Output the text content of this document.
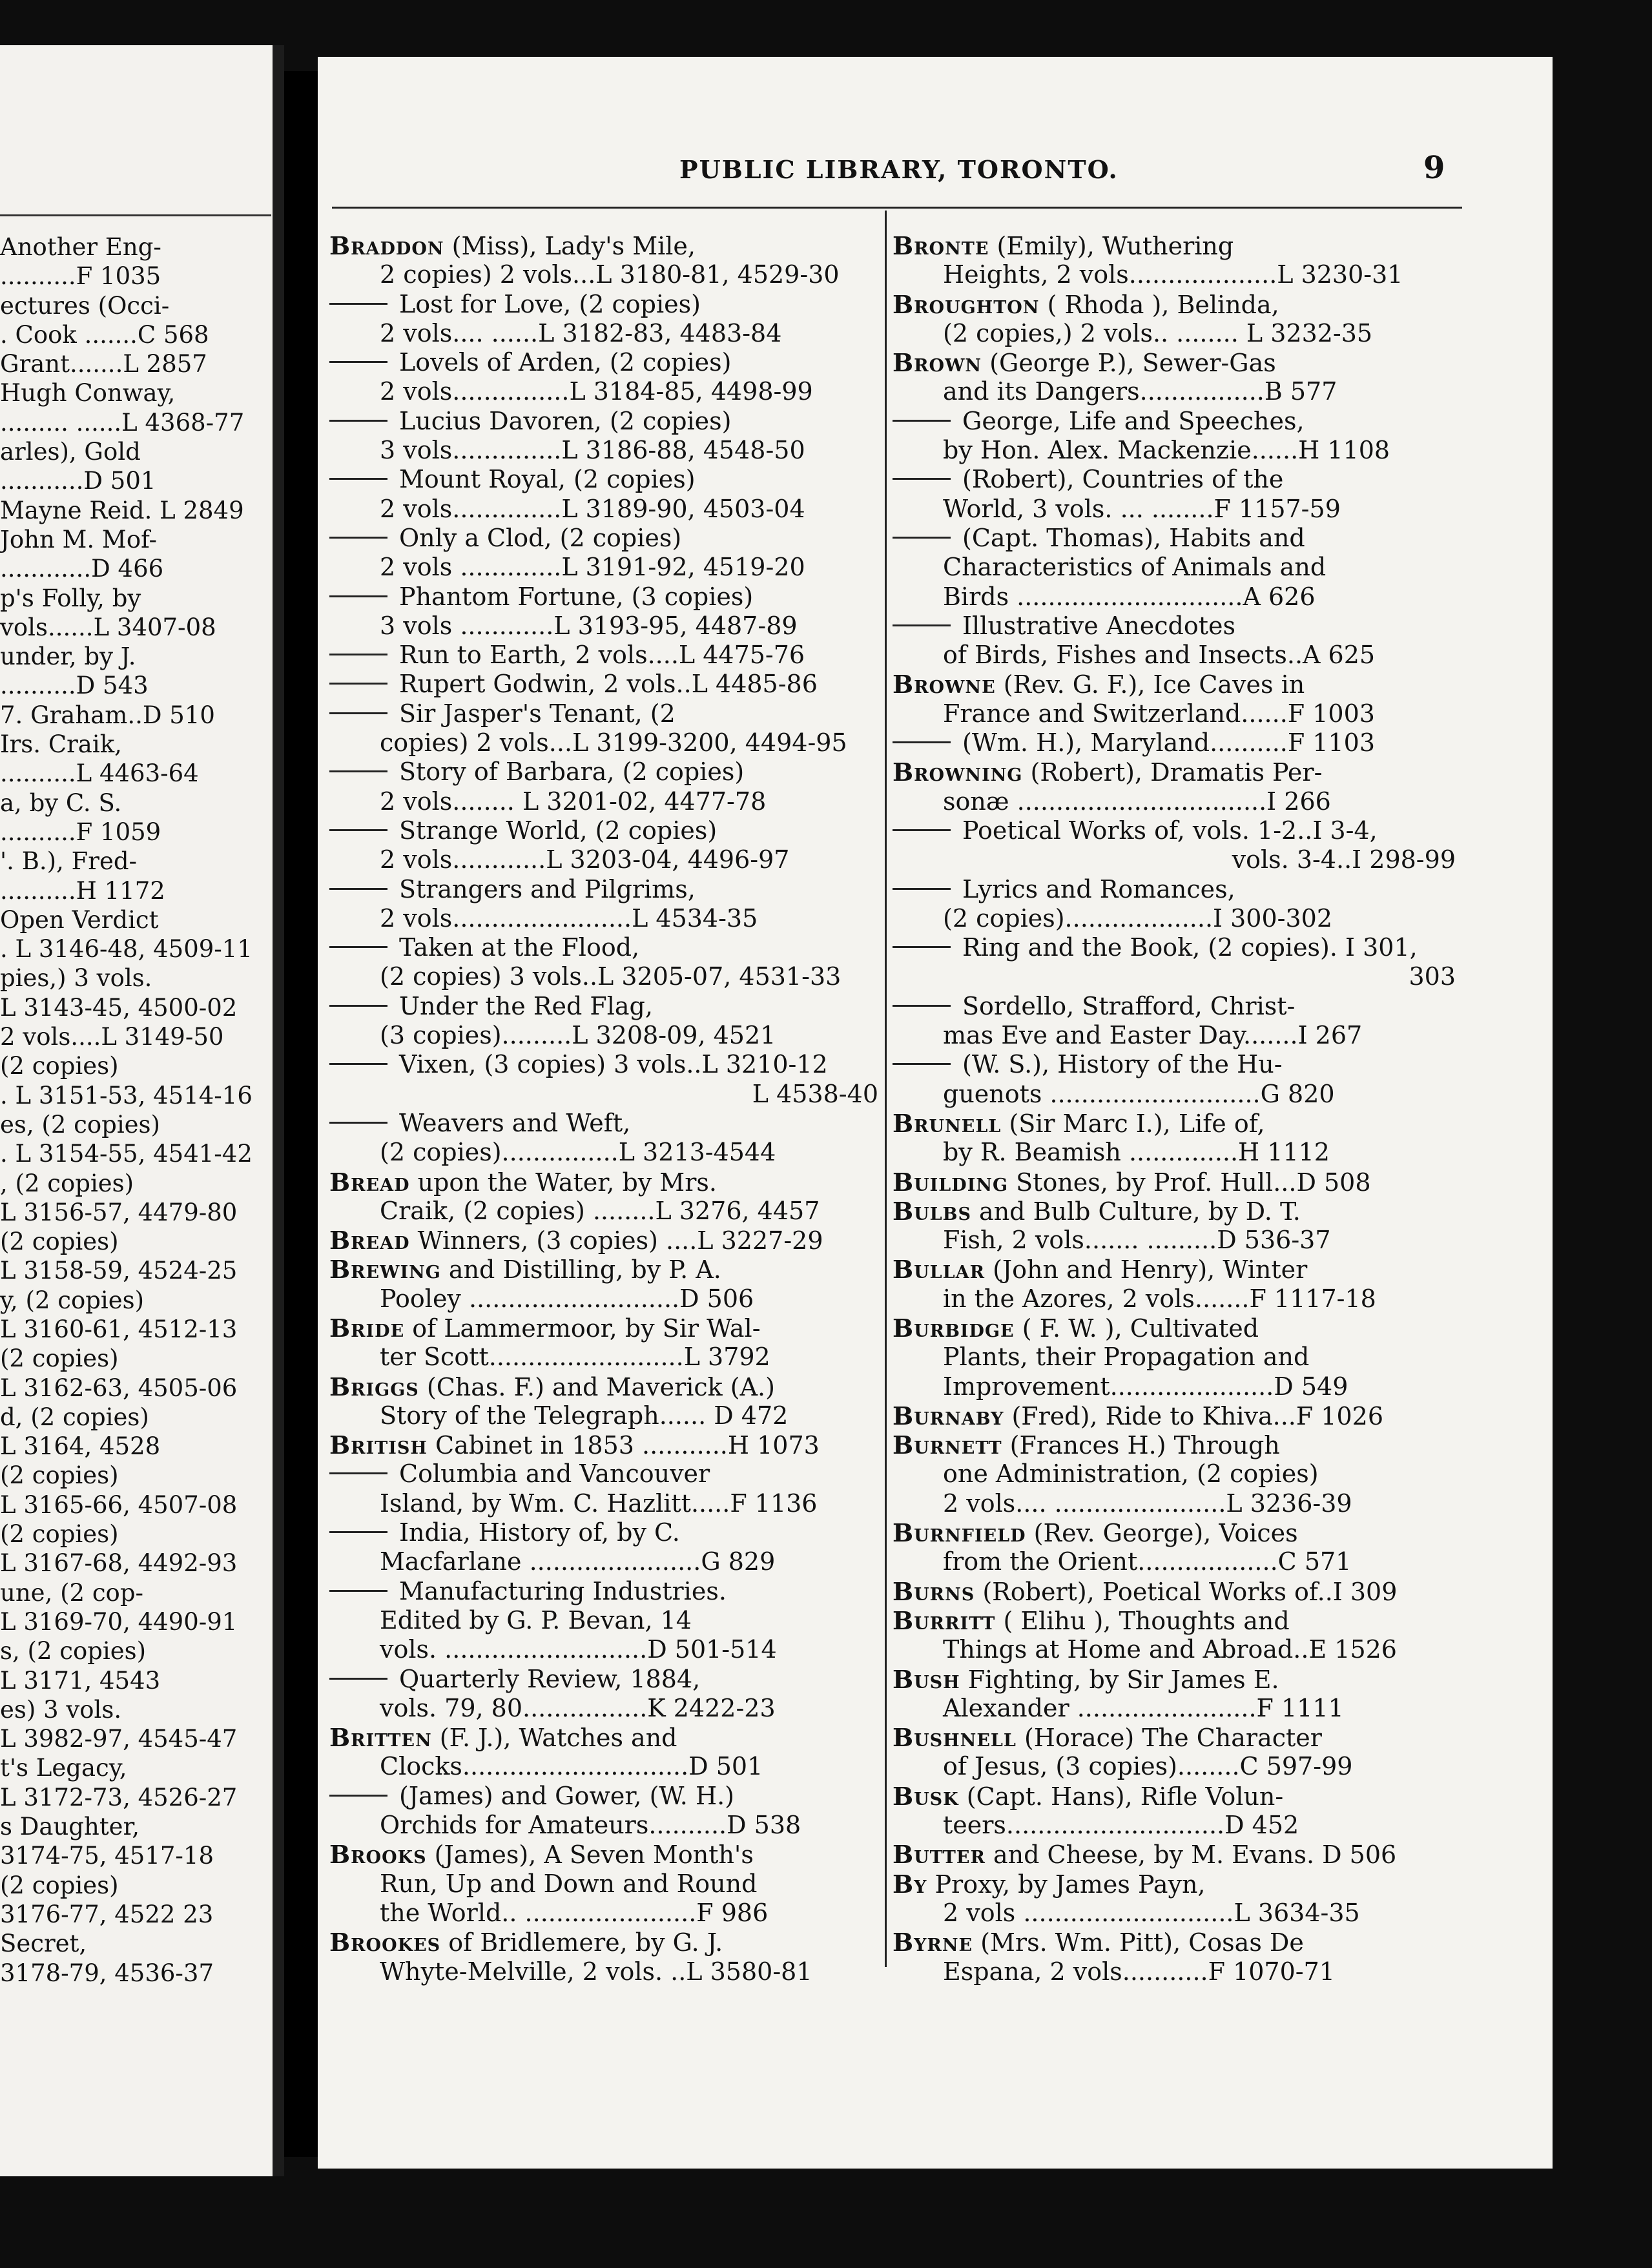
Another Eng-
..........F 1035
ectures (Occi-
. Cook .......C 568
Grant.......L 2857
Hugh Conway,
......... ......L 4368-77
arles), Gold
...........D 501
Mayne Reid. L 2849
John M. Mof-
............D 466
p's Folly, by
vols......L 3407-08
under, by J.
..........D 543
7. Graham..D 510
Irs. Craik,
..........L 4463-64
a, by C. S.
..........F 1059
'. B.), Fred-
..........H 1172
Open Verdict
. L 3146-48, 4509-11
pies,) 3 vols.
L 3143-45, 4500-02
2 vols....L 3149-50
(2 copies)
. L 3151-53, 4514-16
es, (2 copies)
. L 3154-55, 4541-42
, (2 copies)
L 3156-57, 4479-80
(2 copies)
L 3158-59, 4524-25
y, (2 copies)
L 3160-61, 4512-13
(2 copies)
L 3162-63, 4505-06
d, (2 copies)
L 3164, 4528
(2 copies)
L 3165-66, 4507-08
(2 copies)
L 3167-68, 4492-93
une, (2 cop-
L 3169-70, 4490-91
s, (2 copies)
L 3171, 4543
es) 3 vols.
L 3982-97, 4545-47
t's Legacy,
L 3172-73, 4526-27
s Daughter,
3174-75, 4517-18
(2 copies)
3176-77, 4522 23
Secret,
3178-79, 4536-37
PUBLIC LIBRARY, TORONTO.	9
Braddon (Miss), Lady's Mile,
2 copies) 2 vols...L 3180-81, 4529-30
Lost for Love, (2 copies)
2 vols.... ......L 3182-83, 4483-84
Lovels of Arden, (2 copies)
2 vols...............L 3184-85, 4498-99
Lucius Davoren, (2 copies)
3 vols..............L 3186-88, 4548-50
Mount Royal, (2 copies)
2 vols..............L 3189-90, 4503-04
Only a Clod, (2 copies)
2 vols .............L 3191-92, 4519-20
Phantom Fortune, (3 copies)
3 vols ............L 3193-95, 4487-89
Run to Earth, 2 vols....L 4475-76
Rupert Godwin, 2 vols..L 4485-86
Sir Jasper's Tenant, (2
copies) 2 vols...L 3199-3200, 4494-95
Story of Barbara, (2 copies)
2 vols........ L 3201-02, 4477-78
Strange World, (2 copies)
2 vols............L 3203-04, 4496-97
Strangers and Pilgrims,
2 vols.......................L 4534-35
Taken at the Flood,
(2 copies) 3 vols..L 3205-07, 4531-33
Under the Red Flag,
(3 copies).........L 3208-09, 4521
Vixen, (3 copies) 3 vols..L 3210-12
L 4538-40
Weavers and Weft,
(2 copies)...............L 3213-4544
Bread upon the Water, by Mrs.
Craik, (2 copies) ........L 3276, 4457
Bread Winners, (3 copies) ....L 3227-29
Brewing and Distilling, by P. A.
Pooley ...........................D 506
Bride of Lammermoor, by Sir Wal-
ter Scott.........................L 3792
Briggs (Chas. F.) and Maverick (A.)
Story of the Telegraph...... D 472
British Cabinet in 1853 ...........H 1073
Columbia and Vancouver
Island, by Wm. C. Hazlitt.....F 1136
India, History of, by C.
Macfarlane ......................G 829
Manufacturing Industries.
Edited by G. P. Bevan, 14
vols. ..........................D 501-514
Quarterly Review, 1884,
vols. 79, 80................K 2422-23
Britten (F. J.), Watches and
Clocks.............................D 501
(James) and Gower, (W. H.)
Orchids for Amateurs..........D 538
Brooks (James), A Seven Month's
Run, Up and Down and Round
the World.. ......................F 986
Brookes of Bridlemere, by G. J.
Whyte-Melville, 2 vols. ..L 3580-81
Bronte (Emily), Wuthering
Heights, 2 vols...................L 3230-31
Broughton ( Rhoda ), Belinda,
(2 copies,) 2 vols.. ........ L 3232-35
Brown (George P.), Sewer-Gas
and its Dangers................B 577
George, Life and Speeches,
by Hon. Alex. Mackenzie......H 1108
(Robert), Countries of the
World, 3 vols. ... ........F 1157-59
(Capt. Thomas), Habits and
Characteristics of Animals and
Birds .............................A 626
Illustrative Anecdotes
of Birds, Fishes and Insects..A 625
Browne (Rev. G. F.), Ice Caves in
France and Switzerland......F 1003
(Wm. H.), Maryland..........F 1103
Browning (Robert), Dramatis Per-
sonæ ................................I 266
Poetical Works of, vols. 1-2..I 3-4,
vols. 3-4..I 298-99
Lyrics and Romances,
(2 copies)...................I 300-302
Ring and the Book, (2 copies). I 301,
303
Sordello, Strafford, Christ-
mas Eve and Easter Day.......I 267
(W. S.), History of the Hu-
guenots ...........................G 820
Brunell (Sir Marc I.), Life of,
by R. Beamish ..............H 1112
Building Stones, by Prof. Hull...D 508
Bulbs and Bulb Culture, by D. T.
Fish, 2 vols....... .........D 536-37
Bullar (John and Henry), Winter
in the Azores, 2 vols.......F 1117-18
Burbidge ( F. W. ), Cultivated
Plants, their Propagation and
Improvement.....................D 549
Burnaby (Fred), Ride to Khiva...F 1026
Burnett (Frances H.) Through
one Administration, (2 copies)
2 vols.... ......................L 3236-39
Burnfield (Rev. George), Voices
from the Orient..................C 571
Burns (Robert), Poetical Works of..I 309
Burritt ( Elihu ), Thoughts and
Things at Home and Abroad..E 1526
Bush Fighting, by Sir James E.
Alexander .......................F 1111
Bushnell (Horace) The Character
of Jesus, (3 copies)........C 597-99
Busk (Capt. Hans), Rifle Volun-
teers............................D 452
Butter and Cheese, by M. Evans. D 506
By Proxy, by James Payn,
2 vols ...........................L 3634-35
Byrne (Mrs. Wm. Pitt), Cosas De
Espana, 2 vols...........F 1070-71
